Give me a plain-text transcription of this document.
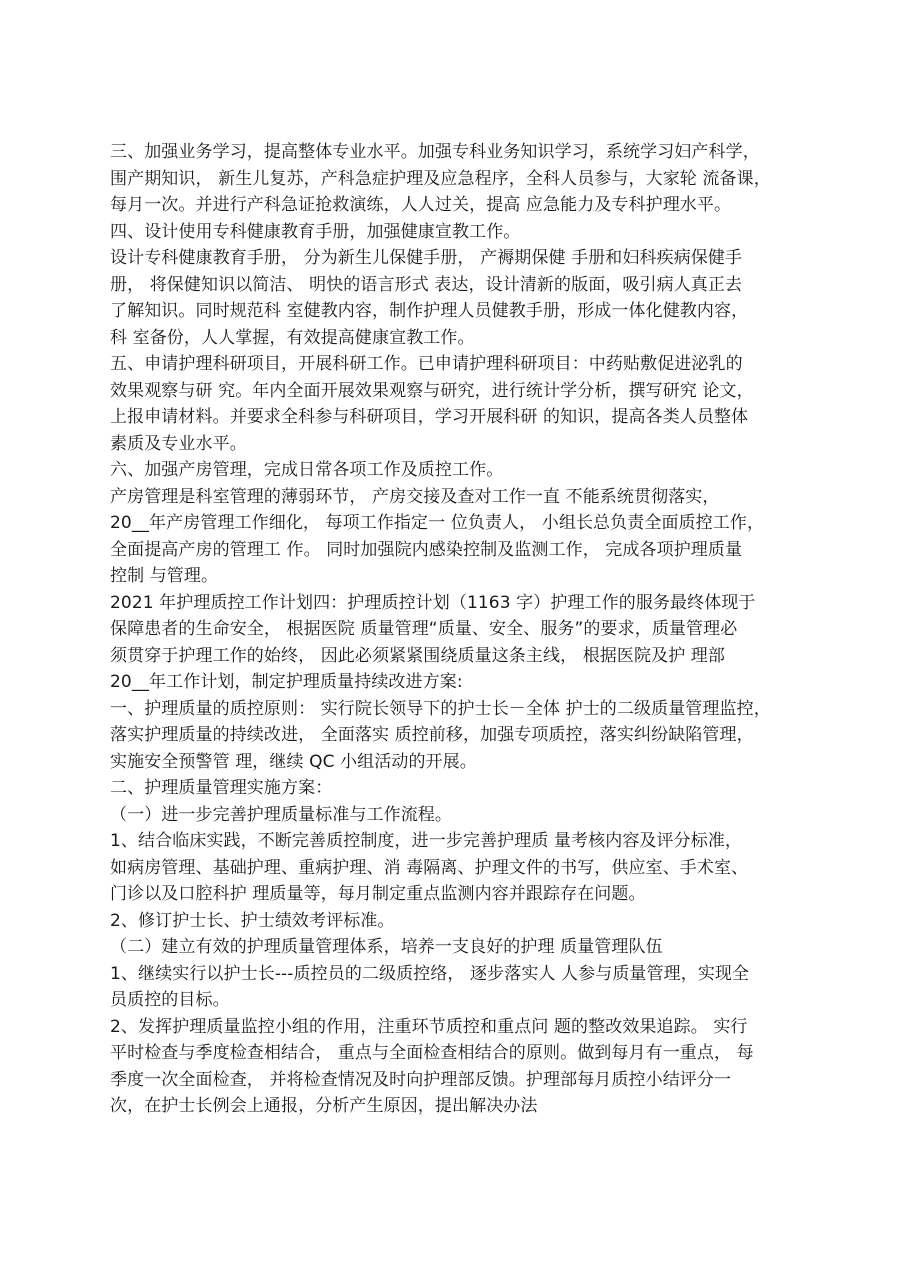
三、加强业务学习，提高整体专业水平。加强专科业务知识学习，系统学习妇产科学，
围产期知识， 新生儿复苏，产科急症护理及应急程序，全科人员参与，大家轮 流备课，
每月一次。并进行产科急证抢救演练，人人过关，提高 应急能力及专科护理水平。
四、设计使用专科健康教育手册，加强健康宣教工作。
设计专科健康教育手册， 分为新生儿保健手册， 产褥期保健 手册和妇科疾病保健手
册， 将保健知识以简洁、 明快的语言形式 表达，设计清新的版面，吸引病人真正去
了解知识。同时规范科 室健教内容，制作护理人员健教手册，形成一体化健教内容，
科 室备份，人人掌握，有效提高健康宣教工作。
五、申请护理科研项目，开展科研工作。已申请护理科研项目：中药贴敷促进泌乳的
效果观察与研 究。年内全面开展效果观察与研究，进行统计学分析，撰写研究 论文，
上报申请材料。并要求全科参与科研项目，学习开展科研 的知识，提高各类人员整体
素质及专业水平。
六、加强产房管理，完成日常各项工作及质控工作。
产房管理是科室管理的薄弱环节， 产房交接及查对工作一直 不能系统贯彻落实，
20__年产房管理工作细化， 每项工作指定一 位负责人， 小组长总负责全面质控工作，
全面提高产房的管理工 作。 同时加强院内感染控制及监测工作， 完成各项护理质量
控制 与管理。
2021 年护理质控工作计划四：护理质控计划（1163 字）护理工作的服务最终体现于
保障患者的生命安全， 根据医院 质量管理“质量、安全、服务”的要求，质量管理必
须贯穿于护理工作的始终， 因此必须紧紧围绕质量这条主线， 根据医院及护 理部
20__年工作计划，制定护理质量持续改进方案:
一、护理质量的质控原则： 实行院长领导下的护士长－全体 护士的二级质量管理监控，
落实护理质量的持续改进， 全面落实 质控前移，加强专项质控，落实纠纷缺陷管理，
实施安全预警管 理，继续 QC 小组活动的开展。
二、护理质量管理实施方案：
（一）进一步完善护理质量标准与工作流程。
1、结合临床实践，不断完善质控制度，进一步完善护理质 量考核内容及评分标准，
如病房管理、基础护理、重病护理、消 毒隔离、护理文件的书写，供应室、手术室、
门诊以及口腔科护 理质量等，每月制定重点监测内容并跟踪存在问题。
2、修订护士长、护士绩效考评标准。
（二）建立有效的护理质量管理体系，培养一支良好的护理 质量管理队伍
1、继续实行以护士长---质控员的二级质控络， 逐步落实人 人参与质量管理，实现全
员质控的目标。
2、发挥护理质量监控小组的作用，注重环节质控和重点问 题的整改效果追踪。 实行
平时检查与季度检查相结合， 重点与全面检查相结合的原则。做到每月有一重点， 每
季度一次全面检查， 并将检查情况及时向护理部反馈。护理部每月质控小结评分一
次，在护士长例会上通报，分析产生原因，提出解决办法
